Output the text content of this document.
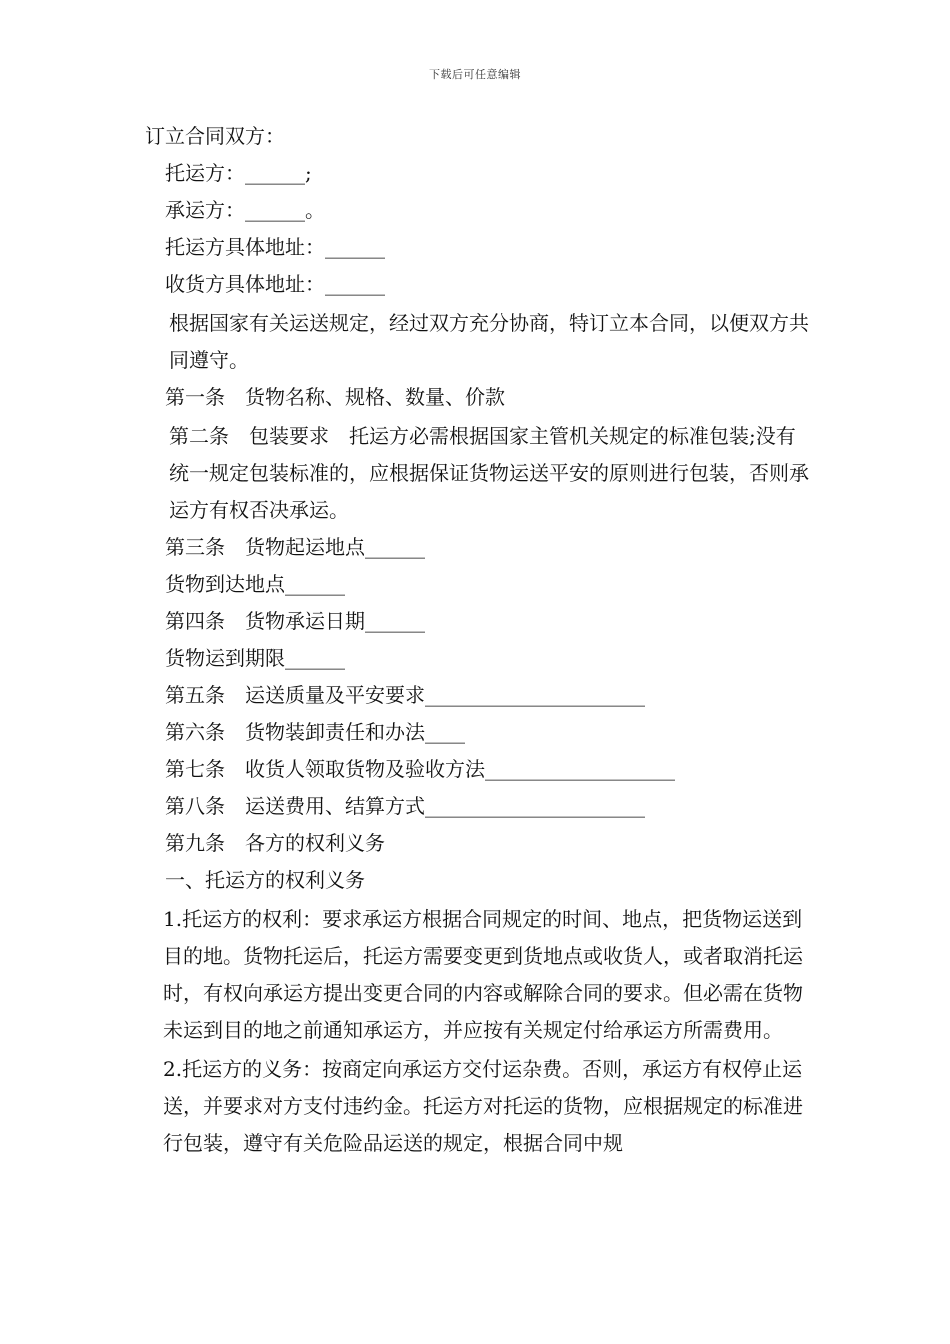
下载后可任意编辑

订立合同双方：

托运方：______;

承运方：______。

托运方具体地址：______

收货方具体地址：______

根据国家有关运送规定，经过双方充分协商，特订立本合同，以便双方共同遵守。

第一条　货物名称、规格、数量、价款

第二条　包装要求　托运方必需根据国家主管机关规定的标准包装;没有统一规定包装标准的，应根据保证货物运送平安的原则进行包装，否则承运方有权否决承运。

第三条　货物起运地点______

货物到达地点______

第四条　货物承运日期______

货物运到期限______

第五条　运送质量及平安要求______________________

第六条　货物装卸责任和办法____

第七条　收货人领取货物及验收方法___________________

第八条　运送费用、结算方式______________________

第九条　各方的权利义务

一、托运方的权利义务

1.托运方的权利：要求承运方根据合同规定的时间、地点，把货物运送到目的地。货物托运后，托运方需要变更到货地点或收货人，或者取消托运时，有权向承运方提出变更合同的内容或解除合同的要求。但必需在货物未运到目的地之前通知承运方，并应按有关规定付给承运方所需费用。

2.托运方的义务：按商定向承运方交付运杂费。否则，承运方有权停止运送，并要求对方支付违约金。托运方对托运的货物，应根据规定的标准进行包装，遵守有关危险品运送的规定，根据合同中规
